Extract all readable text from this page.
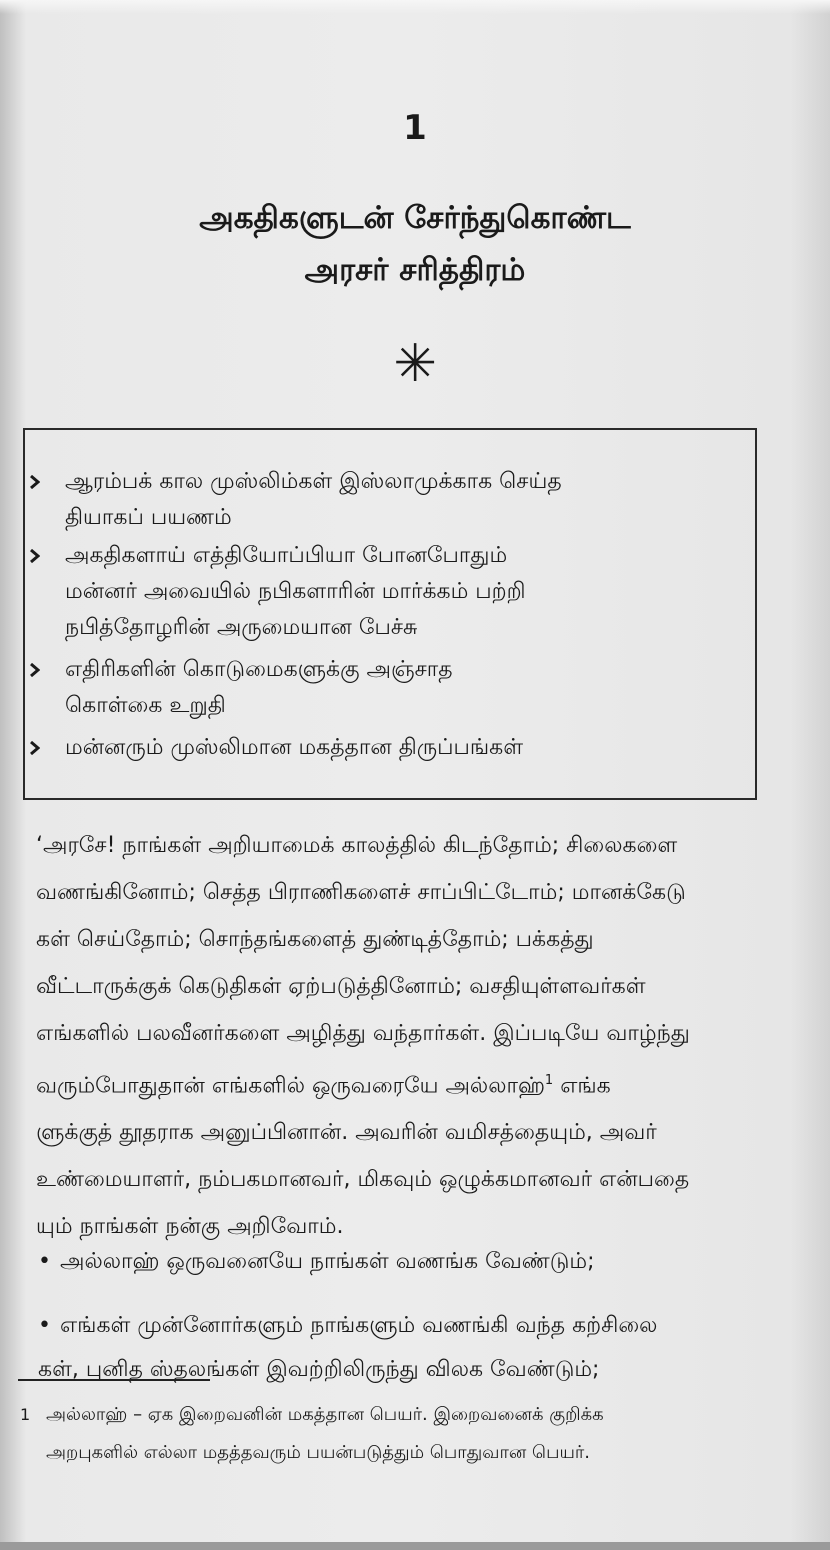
1
அகதிகளுடன் சேர்ந்துகொண்ட
அரசர் சரித்திரம்
✳
ஆரம்பக் கால முஸ்லிம்கள் இஸ்லாமுக்காக செய்த
தியாகப் பயணம்
அகதிகளாய் எத்தியோப்பியா போனபோதும்
மன்னர் அவையில் நபிகளாரின் மார்க்கம் பற்றி
நபித்தோழரின் அருமையான பேச்சு
எதிரிகளின் கொடுமைகளுக்கு அஞ்சாத
கொள்கை உறுதி
மன்னரும் முஸ்லிமான மகத்தான திருப்பங்கள்
‘அரசே! நாங்கள் அறியாமைக் காலத்தில் கிடந்தோம்; சிலைகளை
வணங்கினோம்; செத்த பிராணிகளைச் சாப்பிட்டோம்; மானக்கேடு
கள் செய்தோம்; சொந்தங்களைத் துண்டித்தோம்; பக்கத்து
வீட்டாருக்குக் கெடுதிகள் ஏற்படுத்தினோம்; வசதியுள்ளவர்கள்
எங்களில் பலவீனர்களை அழித்து வந்தார்கள். இப்படியே வாழ்ந்து
வரும்போதுதான் எங்களில் ஒருவரையே அல்லாஹ்$^1$ எங்க
ளுக்குத் தூதராக அனுப்பினான். அவரின் வமிசத்தையும், அவர்
உண்மையாளர், நம்பகமானவர், மிகவும் ஒழுக்கமானவர் என்பதை
யும் நாங்கள் நன்கு அறிவோம்.
• அல்லாஹ் ஒருவனையே நாங்கள் வணங்க வேண்டும்;
• எங்கள் முன்னோர்களும் நாங்களும் வணங்கி வந்த கற்சிலை
கள், புனித ஸ்தலங்கள் இவற்றிலிருந்து விலக வேண்டும்;
1 அல்லாஹ் – ஏக இறைவனின் மகத்தான பெயர். இறைவனைக் குறிக்க
அறபுகளில் எல்லா மதத்தவரும் பயன்படுத்தும் பொதுவான பெயர்.
